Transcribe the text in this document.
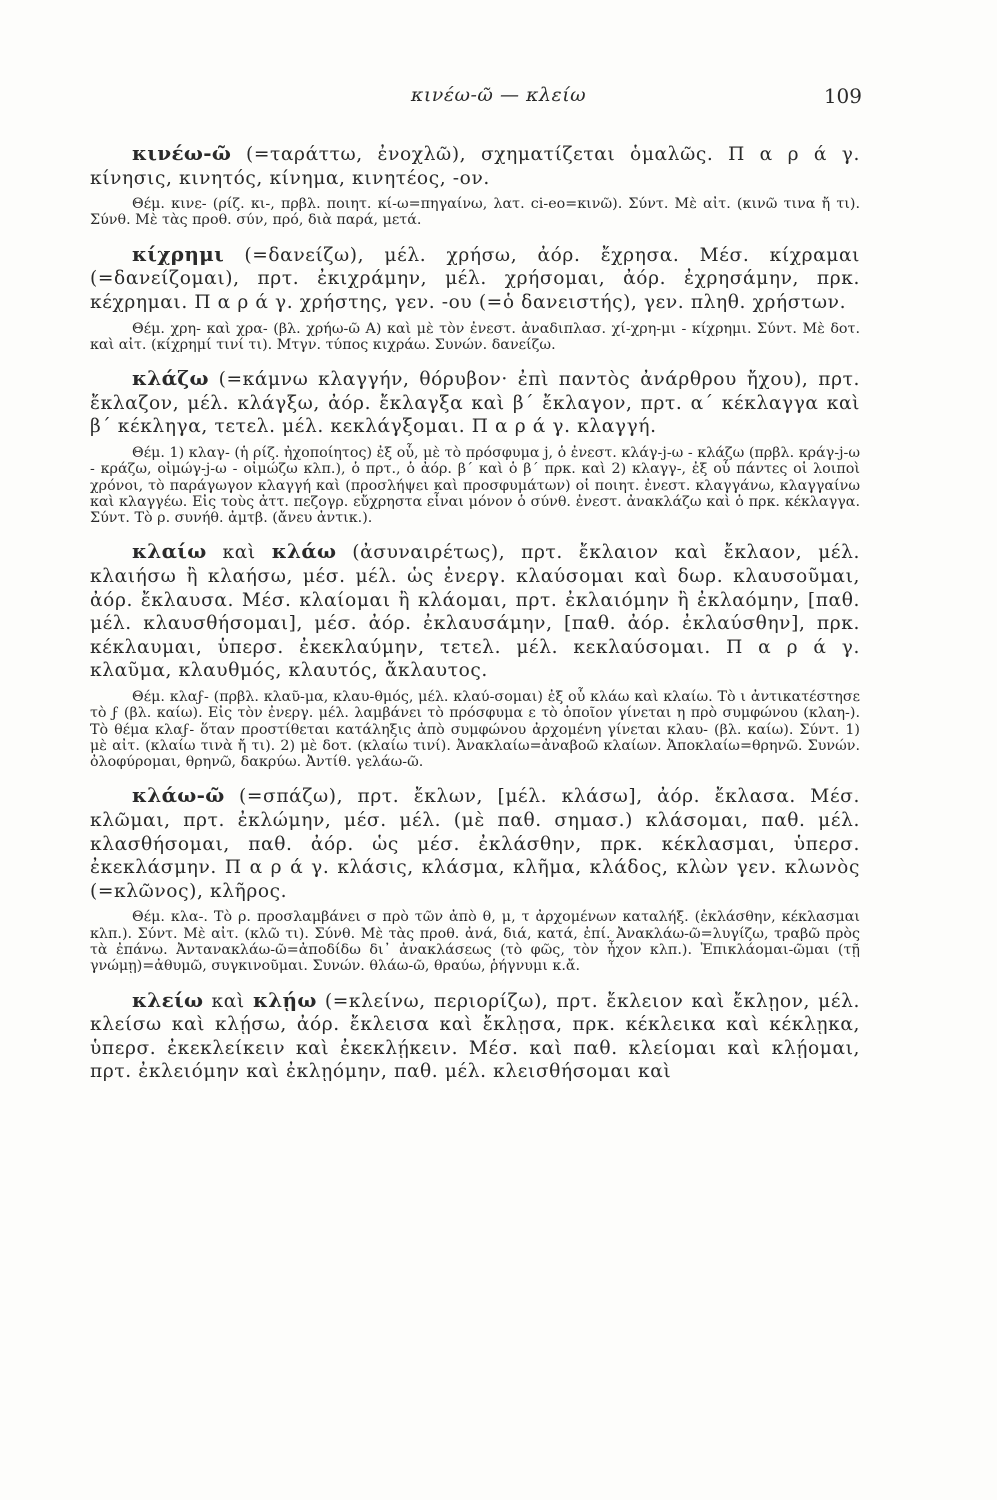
κινέω-ῶ — κλείω	109

κινέω-ῶ (=ταράττω, ἐνοχλῶ), σχηματίζεται ὁμαλῶς. Π α ρ ά γ. κίνησις, κινητός, κίνημα, κινητέος, -ον.

Θέμ. κινε- (ρίζ. κι-, πρβλ. ποιητ. κί-ω=πηγαίνω, λατ. ci-eo=κινῶ). Σύντ. Μὲ αἰτ. (κινῶ τινα ἤ τι). Σύνθ. Μὲ τὰς προθ. σύν, πρό, διὰ παρά, μετά.

κίχρημι (=δανείζω), μέλ. χρήσω, ἀόρ. ἔχρησα. Μέσ. κίχραμαι (=δανείζομαι), πρτ. ἐκιχράμην, μέλ. χρήσομαι, ἀόρ. ἐχρησάμην, πρκ. κέχρημαι. Π α ρ ά γ. χρήστης, γεν. -ου (=ὁ δανειστής), γεν. πληθ. χρήστων.

Θέμ. χρη- καὶ χρα- (βλ. χρήω-ῶ Α) καὶ μὲ τὸν ἐνεστ. ἀναδιπλασ. χί-χρη-μι - κίχρημι. Σύντ. Μὲ δοτ. καὶ αἰτ. (κίχρημί τινί τι). Μτγν. τύπος κιχράω. Συνών. δανείζω.

κλάζω (=κάμνω κλαγγήν, θόρυβον· ἐπὶ παντὸς ἀνάρθρου ἤχου), πρτ. ἔκλαζον, μέλ. κλάγξω, ἀόρ. ἔκλαγξα καὶ β΄ ἔκλαγον, πρτ. α΄ κέκλαγγα καὶ β΄ κέκληγα, τετελ. μέλ. κεκλάγξομαι. Π α ρ ά γ. κλαγγή.

Θέμ. 1) κλαγ- (ἡ ρίζ. ἠχοποίητος) ἐξ οὗ, μὲ τὸ πρόσφυμα j, ὁ ἐνεστ. κλάγ-j-ω - κλάζω (πρβλ. κράγ-j-ω - κράζω, οἰμώγ-j-ω - οἰμώζω κλπ.), ὁ πρτ., ὁ ἀόρ. β΄ καὶ ὁ β΄ πρκ. καὶ 2) κλαγγ-, ἐξ οὗ πάντες οἱ λοιποὶ χρόνοι, τὸ παράγωγον κλαγγή καὶ (προσλήψει καὶ προσφυμάτων) οἱ ποιητ. ἐνεστ. κλαγγάνω, κλαγγαίνω καὶ κλαγγέω. Εἰς τοὺς ἀττ. πεζογρ. εὔχρηστα εἶναι μόνον ὁ σύνθ. ἐνεστ. ἀνακλάζω καὶ ὁ πρκ. κέκλαγγα. Σύντ. Τὸ ρ. συνήθ. ἀμτβ. (ἄνευ ἀντικ.).

κλαίω καὶ κλάω (ἀσυναιρέτως), πρτ. ἔκλαιον καὶ ἔκλαον, μέλ. κλαιήσω ἢ κλαήσω, μέσ. μέλ. ὡς ἐνεργ. κλαύσομαι καὶ δωρ. κλαυσοῦμαι, ἀόρ. ἔκλαυσα. Μέσ. κλαίομαι ἢ κλάομαι, πρτ. ἐκλαιόμην ἢ ἐκλαόμην, [παθ. μέλ. κλαυσθήσομαι], μέσ. ἀόρ. ἐκλαυσάμην, [παθ. ἀόρ. ἐκλαύσθην], πρκ. κέκλαυμαι, ὑπερσ. ἐκεκλαύμην, τετελ. μέλ. κεκλαύσομαι. Π α ρ ά γ. κλαῦμα, κλαυθμός, κλαυτός, ἄκλαυτος.

Θέμ. κλαϝ- (πρβλ. κλαῦ-μα, κλαυ-θμός, μέλ. κλαύ-σομαι) ἐξ οὗ κλάω καὶ κλαίω. Τὸ ι ἀντικατέστησε τὸ ϝ (βλ. καίω). Εἰς τὸν ἐνεργ. μέλ. λαμβάνει τὸ πρόσφυμα ε τὸ ὁποῖον γίνεται η πρὸ συμφώνου (κλαη-). Τὸ θέμα κλαϝ- ὅταν προστίθεται κατάληξις ἀπὸ συμφώνου ἀρχομένη γίνεται κλαυ- (βλ. καίω). Σύντ. 1) μὲ αἰτ. (κλαίω τινὰ ἤ τι). 2) μὲ δοτ. (κλαίω τινί). Ἀνακλαίω=ἀναβοῶ κλαίων. Ἀποκλαίω=θρηνῶ. Συνών. ὀλοφύρομαι, θρηνῶ, δακρύω. Ἀντίθ. γελάω-ῶ.

κλάω-ῶ (=σπάζω), πρτ. ἔκλων, [μέλ. κλάσω], ἀόρ. ἔκλασα. Μέσ. κλῶμαι, πρτ. ἐκλώμην, μέσ. μέλ. (μὲ παθ. σημασ.) κλάσομαι, παθ. μέλ. κλασθήσομαι, παθ. ἀόρ. ὡς μέσ. ἐκλάσθην, πρκ. κέκλασμαι, ὑπερσ. ἐκεκλάσμην. Π α ρ ά γ. κλάσις, κλάσμα, κλῆμα, κλάδος, κλὼν γεν. κλωνὸς (=κλῶνος), κλῆρος.

Θέμ. κλα-. Τὸ ρ. προσλαμβάνει σ πρὸ τῶν ἀπὸ θ, μ, τ ἀρχομένων καταλήξ. (ἐκλάσθην, κέκλασμαι κλπ.). Σύντ. Μὲ αἰτ. (κλῶ τι). Σύνθ. Μὲ τὰς προθ. ἀνά, διά, κατά, ἐπί. Ἀνακλάω-ῶ=λυγίζω, τραβῶ πρὸς τὰ ἐπάνω. Ἀντανακλάω-ῶ=ἀποδίδω δι᾽ ἀνακλάσεως (τὸ φῶς, τὸν ἦχον κλπ.). Ἐπικλάομαι-ῶμαι (τῇ γνώμῃ)=ἀθυμῶ, συγκινοῦμαι. Συνών. θλάω-ῶ, θραύω, ῥήγνυμι κ.ἄ.

κλείω καὶ κλῄω (=κλείνω, περιορίζω), πρτ. ἔκλειον καὶ ἔκλῃον, μέλ. κλείσω καὶ κλῄσω, ἀόρ. ἔκλεισα καὶ ἔκλῃσα, πρκ. κέκλεικα καὶ κέκλῃκα, ὑπερσ. ἐκεκλείκειν καὶ ἐκεκλῄκειν. Μέσ. καὶ παθ. κλείομαι καὶ κλῄομαι, πρτ. ἐκλειόμην καὶ ἐκλῃόμην, παθ. μέλ. κλεισθήσομαι καὶ
